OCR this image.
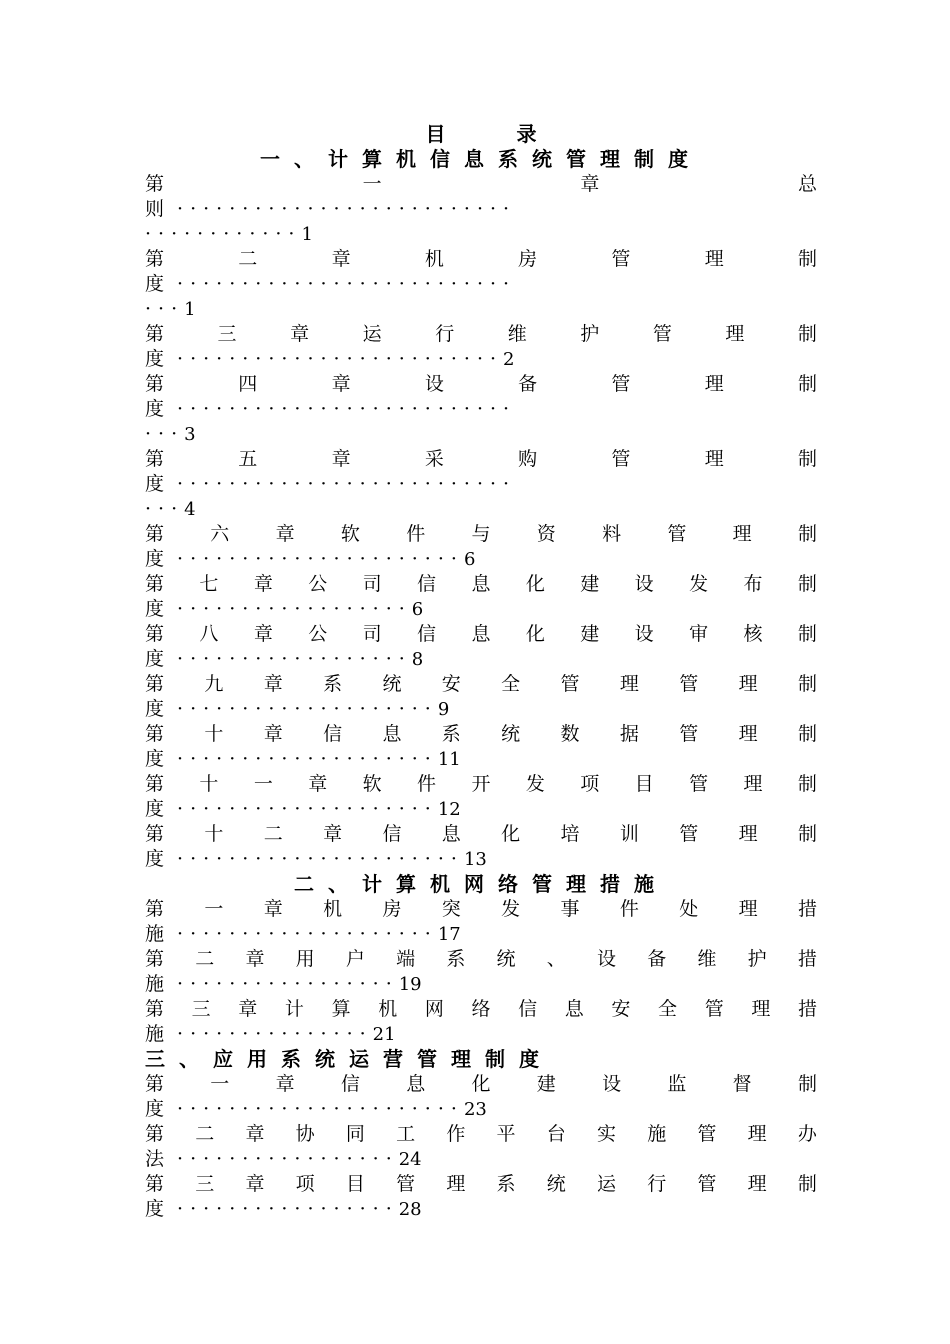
目 录
一、计算机信息系统管理制度
第	一	章	总
则 ··························
············1
第	二	章	机	房	管	理	制
度 ··························
···1
第	三	章	运	行	维	护	管	理	制
度 ·························2
第	四	章	设	备	管	理	制
度 ··························
···3
第	五	章	采	购	管	理	制
度 ··························
···4
第 六 章 软 件 与 资 料 管 理 制
度 ······················6
第 七 章 公 司 信 息 化 建 设 发 布 制
度 ··················6
第 八 章 公 司 信 息 化 建 设 审 核 制
度 ··················8
第 九 章 系 统 安 全 管 理 管 理 制
度 ····················9
第 十 章 信 息 系 统 数 据 管 理 制
度 ····················11
第 十 一 章 软 件 开 发 项 目 管 理 制
度 ····················12
第 十 二 章 信 息 化 培 训 管 理 制
度 ······················13
二、计算机网络管理措施
第 一 章 机 房 突 发 事 件 处 理 措
施 ····················17
第 二 章 用 户 端 系 统 、 设 备 维 护 措
施 ·················19
第 三 章 计 算 机 网 络 信 息 安 全 管 理 措
施 ···············21
三、应用系统运营管理制度
第 一 章 信 息 化 建 设 监 督 制
度 ······················23
第 二 章 协 同 工 作 平 台 实 施 管 理 办
法 ·················24
第 三 章 项 目 管 理 系 统 运 行 管 理 制
度 ·················28
